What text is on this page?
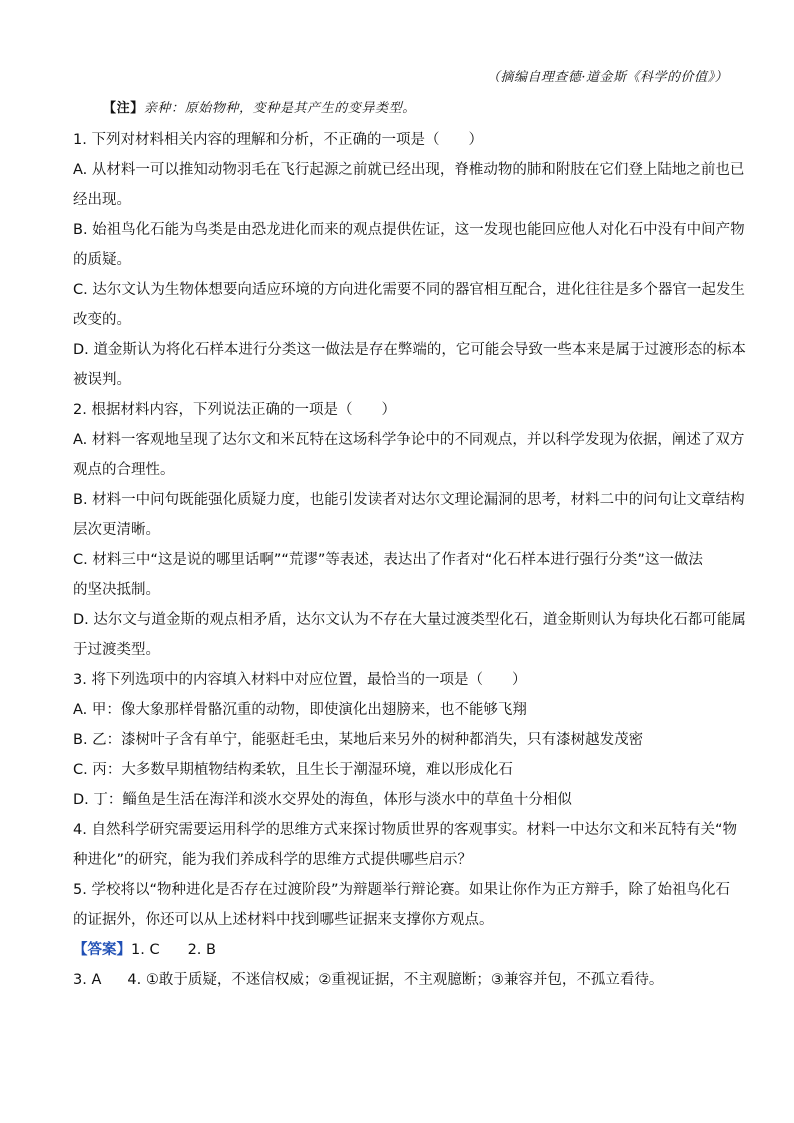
（摘编自理查德·道金斯《科学的价值》）
【注】亲种：原始物种，变种是其产生的变异类型。
1. 下列对材料相关内容的理解和分析，不正确的一项是（　　）
A. 从材料一可以推知动物羽毛在飞行起源之前就已经出现，脊椎动物的肺和附肢在它们登上陆地之前也已
经出现。
B. 始祖鸟化石能为鸟类是由恐龙进化而来的观点提供佐证，这一发现也能回应他人对化石中没有中间产物
的质疑。
C. 达尔文认为生物体想要向适应环境的方向进化需要不同的器官相互配合，进化往往是多个器官一起发生
改变的。
D. 道金斯认为将化石样本进行分类这一做法是存在弊端的，它可能会导致一些本来是属于过渡形态的标本
被误判。
2. 根据材料内容，下列说法正确的一项是（　　）
A. 材料一客观地呈现了达尔文和米瓦特在这场科学争论中的不同观点，并以科学发现为依据，阐述了双方
观点的合理性。
B. 材料一中问句既能强化质疑力度，也能引发读者对达尔文理论漏洞的思考，材料二中的问句让文章结构
层次更清晰。
C. 材料三中“这是说的哪里话啊”“荒谬”等表述，表达出了作者对“化石样本进行强行分类”这一做法
的坚决抵制。
D. 达尔文与道金斯的观点相矛盾，达尔文认为不存在大量过渡类型化石，道金斯则认为每块化石都可能属
于过渡类型。
3. 将下列选项中的内容填入材料中对应位置，最恰当的一项是（　　）
A. 甲：像大象那样骨骼沉重的动物，即使演化出翅膀来，也不能够飞翔
B. 乙：漆树叶子含有单宁，能驱赶毛虫，某地后来另外的树种都消失，只有漆树越发茂密
C. 丙：大多数早期植物结构柔软，且生长于潮湿环境，难以形成化石
D. 丁：鲻鱼是生活在海洋和淡水交界处的海鱼，体形与淡水中的草鱼十分相似
4. 自然科学研究需要运用科学的思维方式来探讨物质世界的客观事实。材料一中达尔文和米瓦特有关“物
种进化”的研究，能为我们养成科学的思维方式提供哪些启示？
5. 学校将以“物种进化是否存在过渡阶段”为辩题举行辩论赛。如果让你作为正方辩手，除了始祖鸟化石
的证据外，你还可以从上述材料中找到哪些证据来支撑你方观点。
【答案】1. C 2. B
3. A 4. ①敢于质疑，不迷信权威；②重视证据，不主观臆断；③兼容并包，不孤立看待。
